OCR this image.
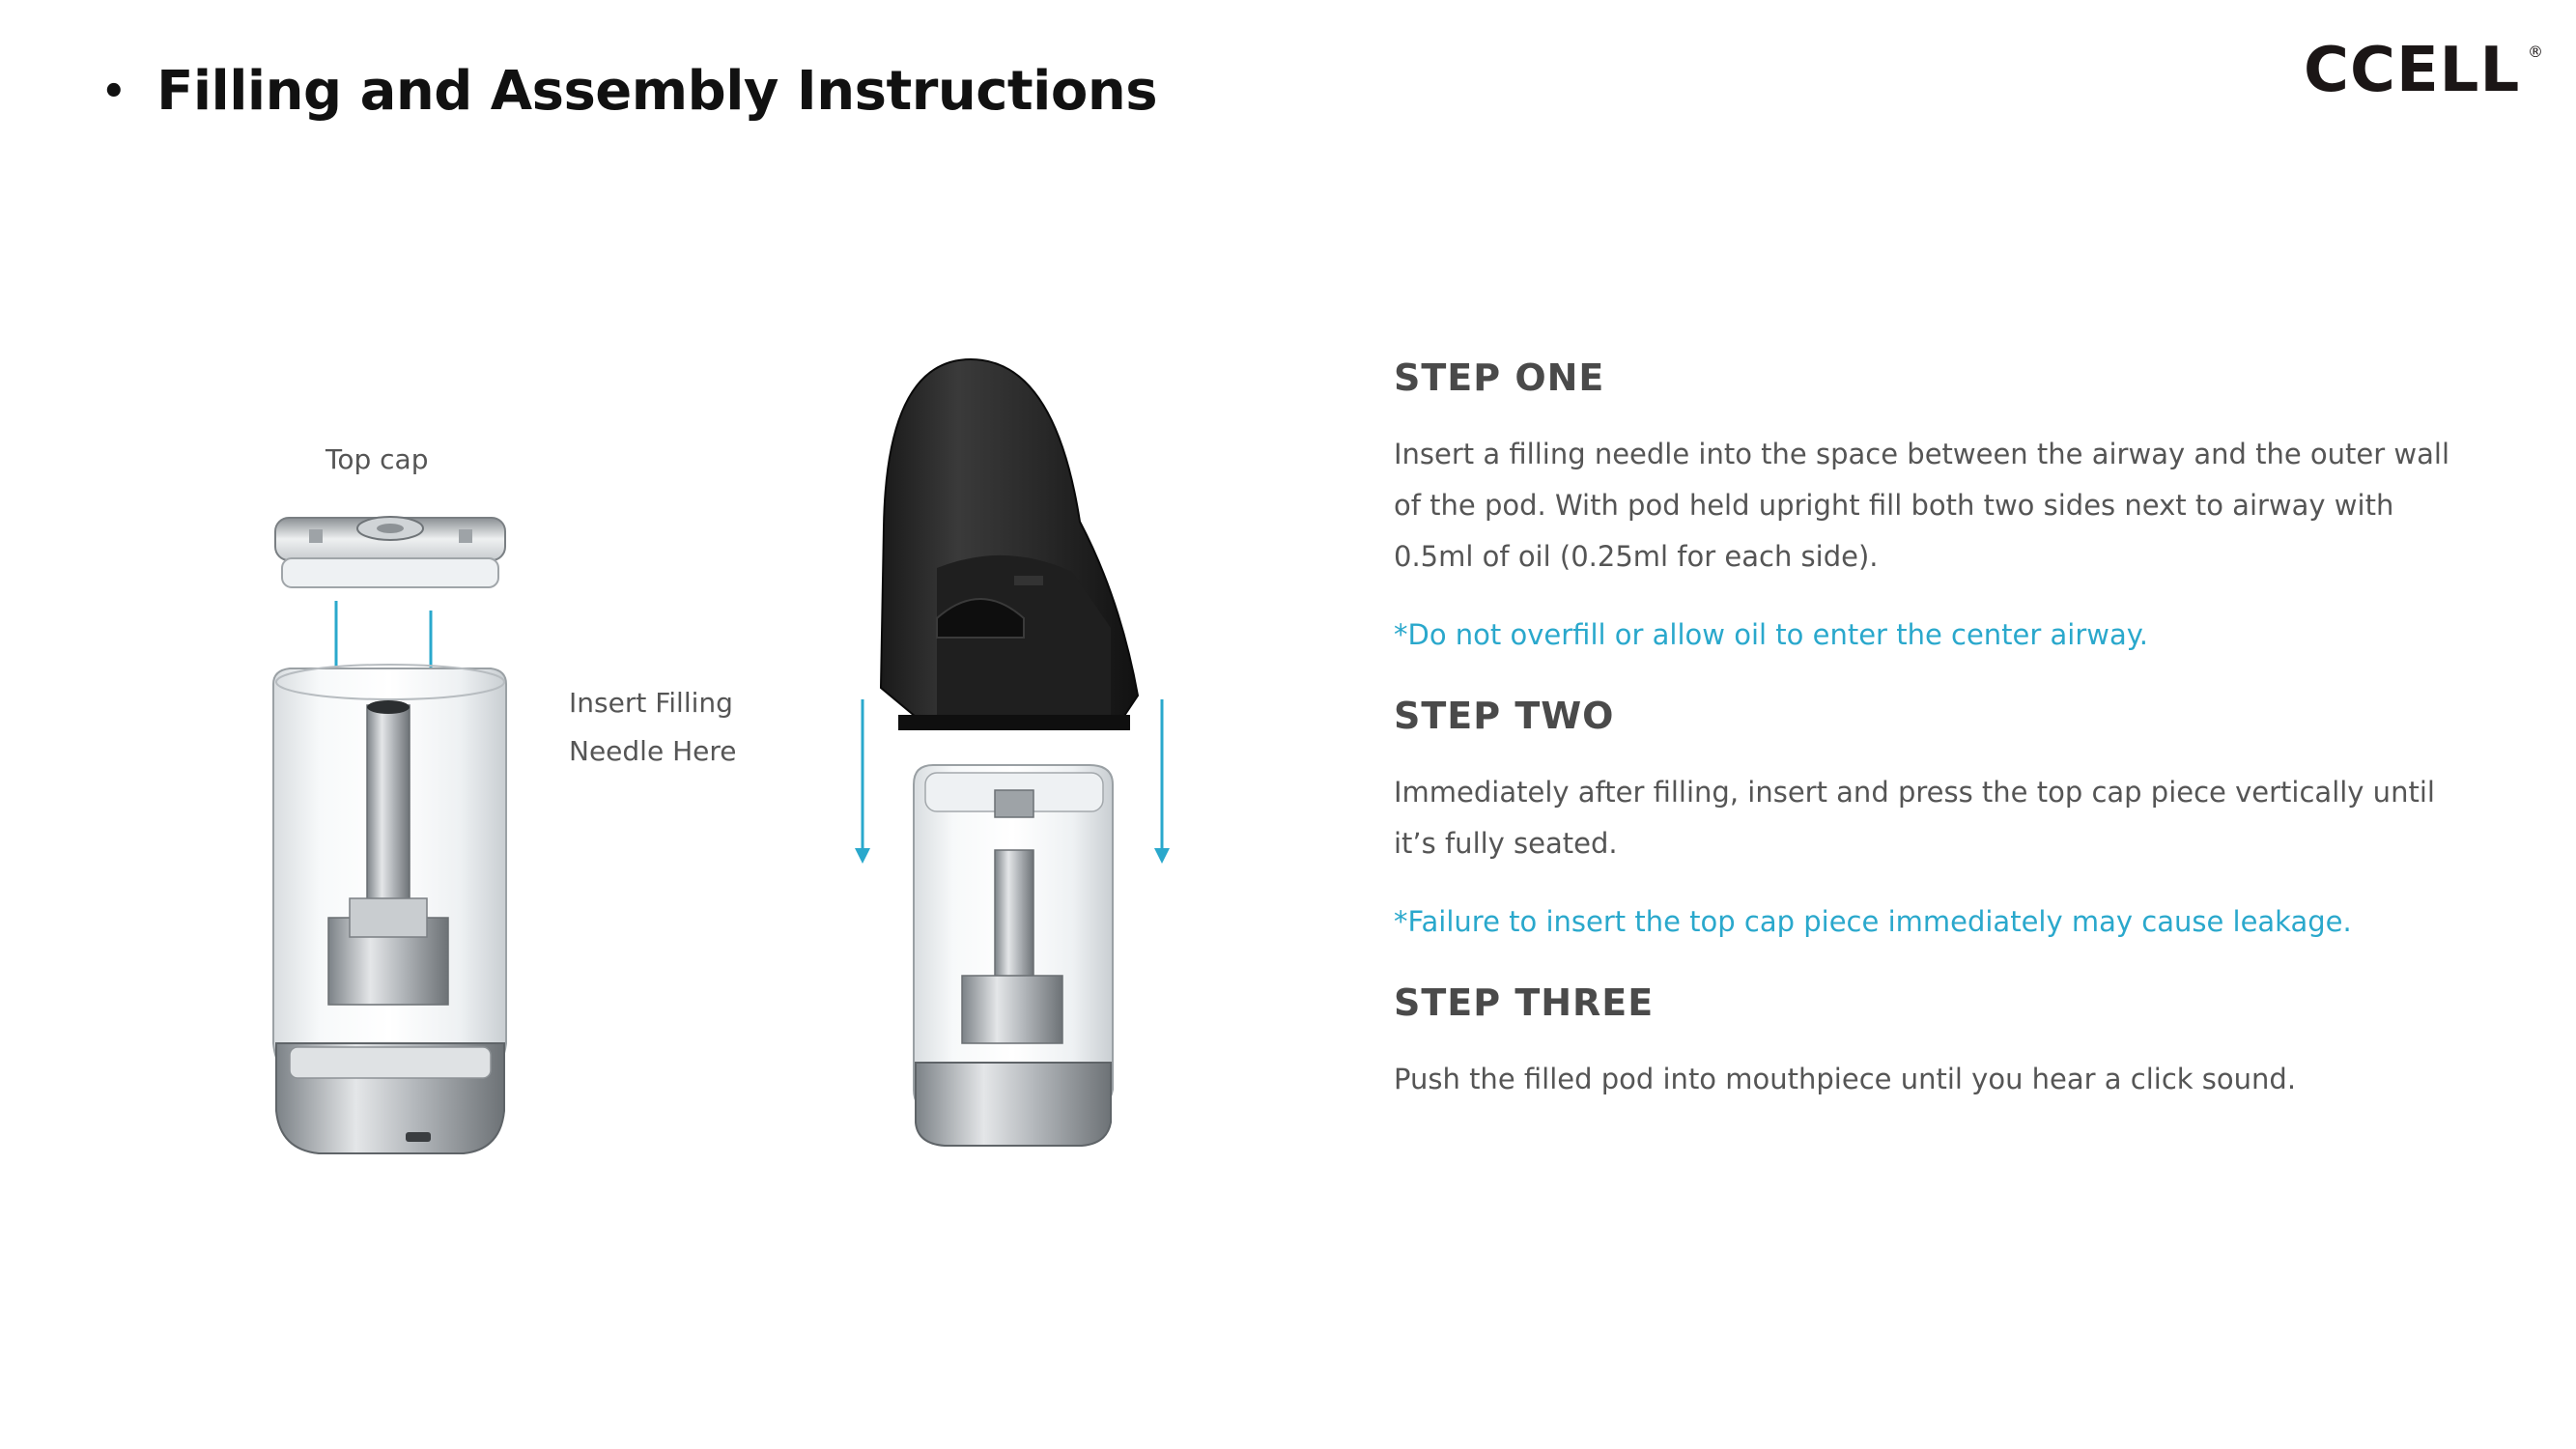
• Filling and Assembly Instructions	CCELL ®
Top cap
Insert Filling
Needle Here
STEP ONE

Insert a filling needle into the space between the airway and the outer wall of the pod. With pod held upright fill both two sides next to airway with 0.5ml of oil (0.25ml for each side).

*Do not overfill or allow oil to enter the center airway.

STEP TWO

Immediately after filling, insert and press the top cap piece vertically until it’s fully seated.

*Failure to insert the top cap piece immediately may cause leakage.

STEP THREE

Push the filled pod into mouthpiece until you hear a click sound.
